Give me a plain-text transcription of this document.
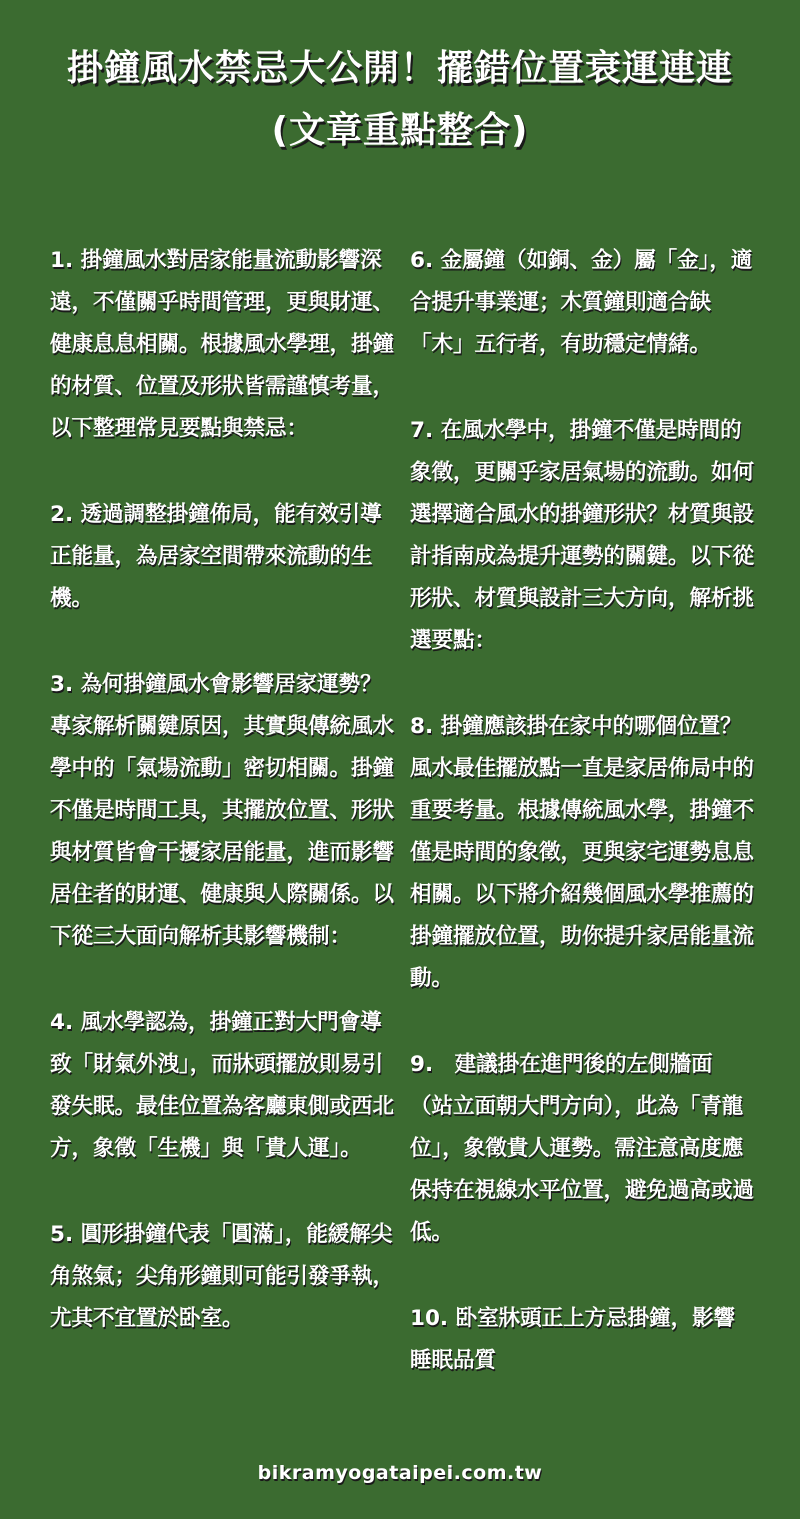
掛鐘風水禁忌大公開！擺錯位置衰運連連 (文章重點整合)

1. 掛鐘風水對居家能量流動影響深遠，不僅關乎時間管理，更與財運、健康息息相關。根據風水學理，掛鐘的材質、位置及形狀皆需謹慎考量，以下整理常見要點與禁忌：

2. 透過調整掛鐘佈局，能有效引導正能量，為居家空間帶來流動的生機。

3. 為何掛鐘風水會影響居家運勢？專家解析關鍵原因，其實與傳統風水學中的「氣場流動」密切相關。掛鐘不僅是時間工具，其擺放位置、形狀與材質皆會干擾家居能量，進而影響居住者的財運、健康與人際關係。以下從三大面向解析其影響機制：

4. 風水學認為，掛鐘正對大門會導致「財氣外洩」，而牀頭擺放則易引發失眠。最佳位置為客廳東側或西北方，象徵「生機」與「貴人運」。

5. 圓形掛鐘代表「圓滿」，能緩解尖角煞氣；尖角形鐘則可能引發爭執，尤其不宜置於卧室。

6. 金屬鐘（如銅、金）屬「金」，適合提升事業運；木質鐘則適合缺「木」五行者，有助穩定情緒。

7. 在風水學中，掛鐘不僅是時間的象徵，更關乎家居氣場的流動。如何選擇適合風水的掛鐘形狀？材質與設計指南成為提升運勢的關鍵。以下從形狀、材質與設計三大方向，解析挑選要點：

8. 掛鐘應該掛在家中的哪個位置？風水最佳擺放點一直是家居佈局中的重要考量。根據傳統風水學，掛鐘不僅是時間的象徵，更與家宅運勢息息相關。以下將介紹幾個風水學推薦的掛鐘擺放位置，助你提升家居能量流動。

9.　建議掛在進門後的左側牆面（站立面朝大門方向），此為「青龍位」，象徵貴人運勢。需注意高度應保持在視線水平位置，避免過高或過低。

10. 卧室牀頭正上方忌掛鐘，影響睡眠品質

bikramyogataipei.com.tw
